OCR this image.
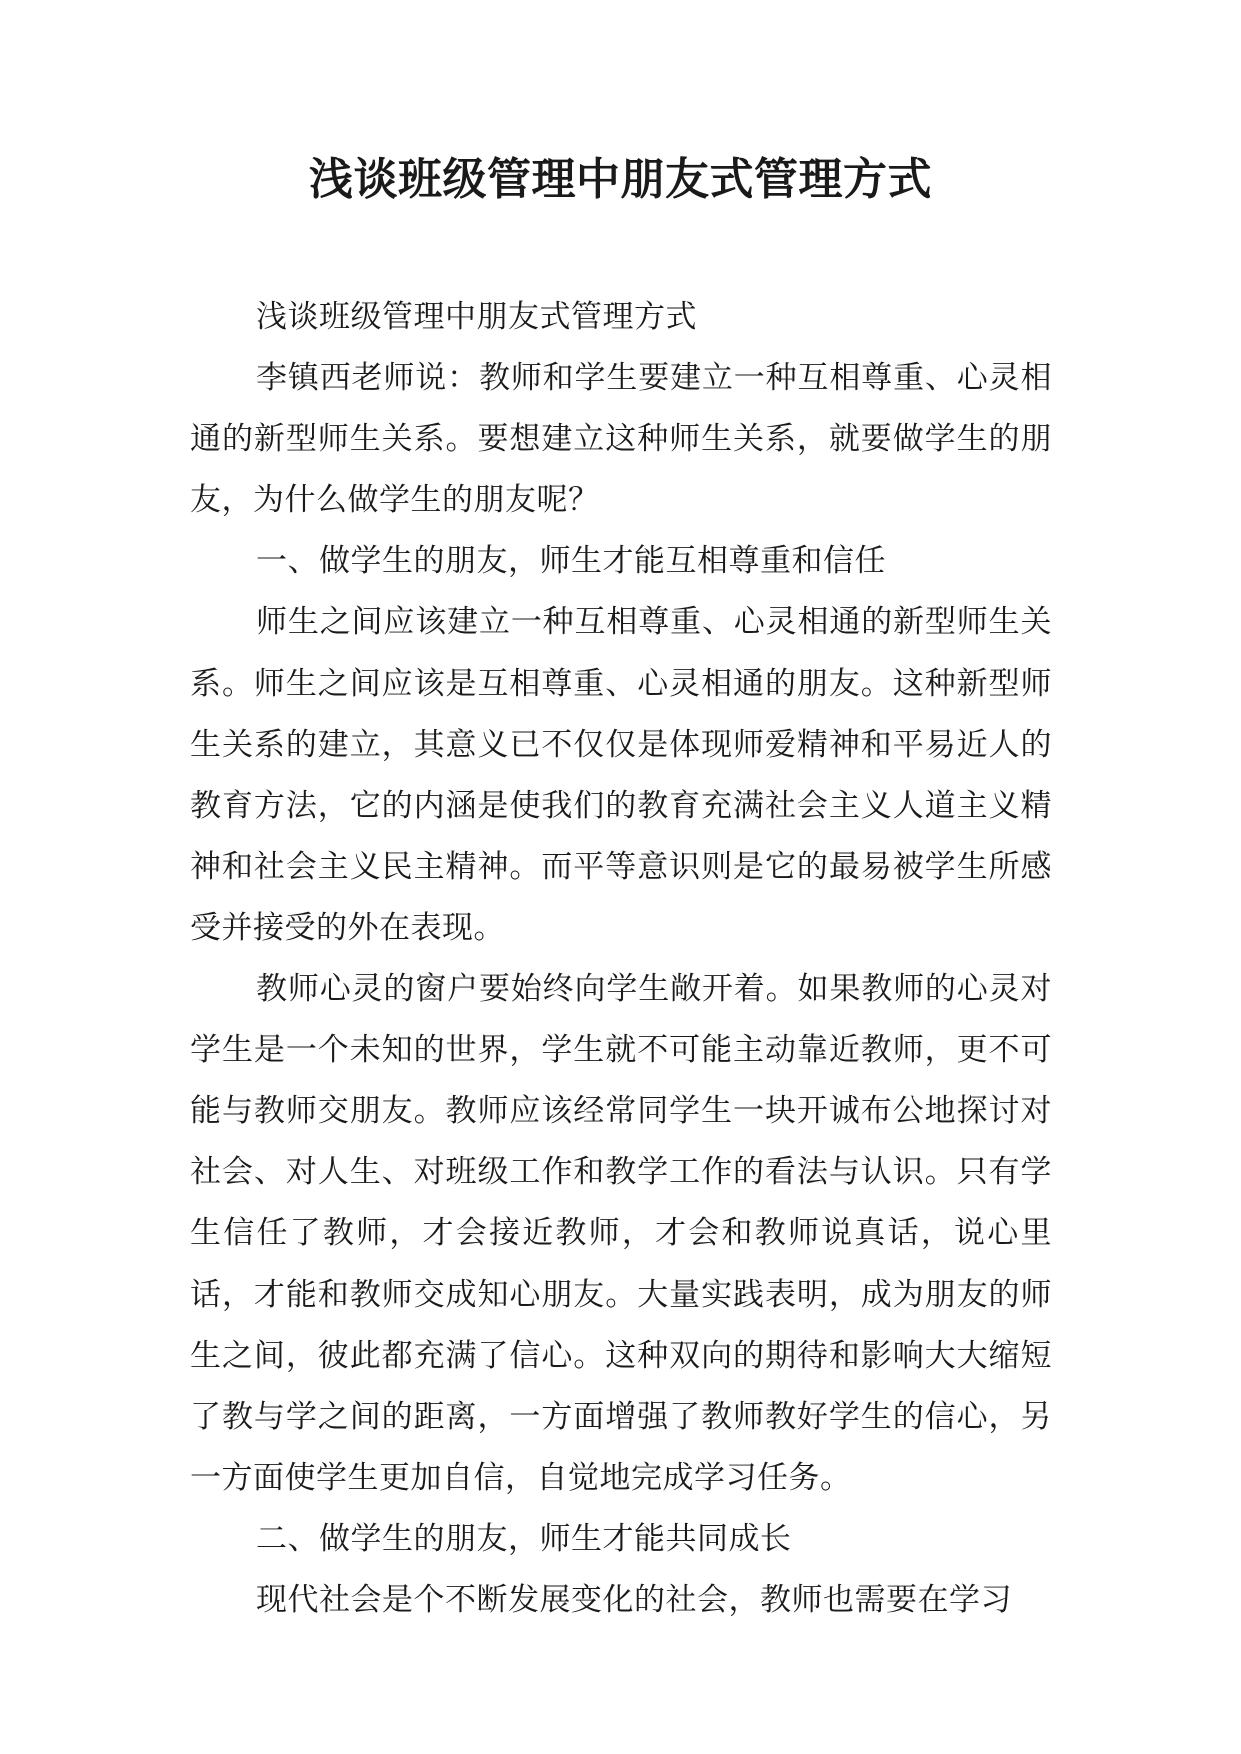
浅谈班级管理中朋友式管理方式

浅谈班级管理中朋友式管理方式

李镇西老师说：教师和学生要建立一种互相尊重、心灵相通的新型师生关系。要想建立这种师生关系，就要做学生的朋友，为什么做学生的朋友呢？

一、做学生的朋友，师生才能互相尊重和信任

师生之间应该建立一种互相尊重、心灵相通的新型师生关系。师生之间应该是互相尊重、心灵相通的朋友。这种新型师生关系的建立，其意义已不仅仅是体现师爱精神和平易近人的教育方法，它的内涵是使我们的教育充满社会主义人道主义精神和社会主义民主精神。而平等意识则是它的最易被学生所感受并接受的外在表现。

教师心灵的窗户要始终向学生敞开着。如果教师的心灵对学生是一个未知的世界，学生就不可能主动靠近教师，更不可能与教师交朋友。教师应该经常同学生一块开诚布公地探讨对社会、对人生、对班级工作和教学工作的看法与认识。只有学生信任了教师，才会接近教师，才会和教师说真话，说心里话，才能和教师交成知心朋友。大量实践表明，成为朋友的师生之间，彼此都充满了信心。这种双向的期待和影响大大缩短了教与学之间的距离，一方面增强了教师教好学生的信心，另一方面使学生更加自信，自觉地完成学习任务。

二、做学生的朋友，师生才能共同成长

现代社会是个不断发展变化的社会，教师也需要在学习
